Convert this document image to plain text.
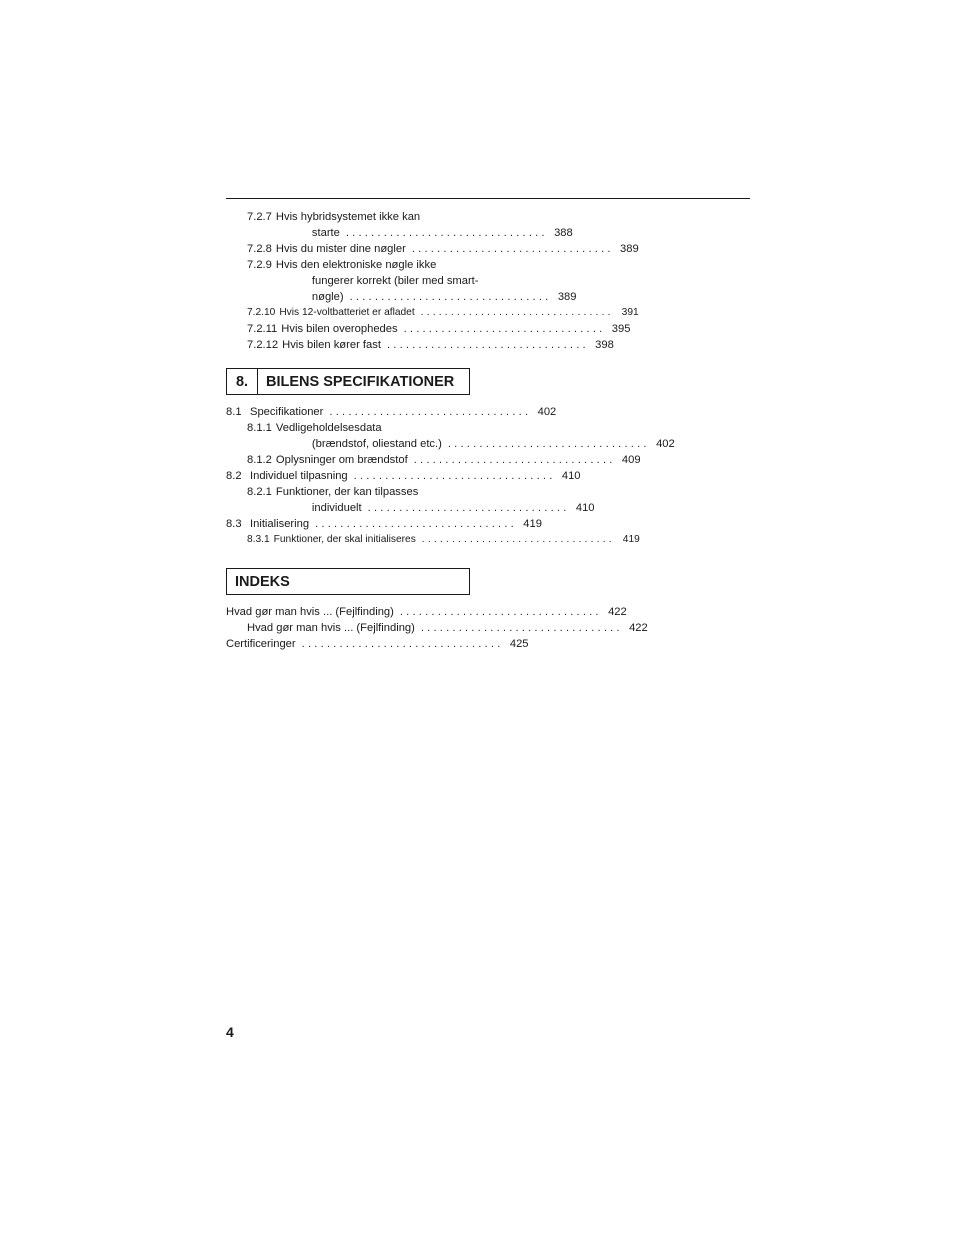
7.2.7 Hvis hybridsystemet ikke kan
starte ................................ 388
7.2.8 Hvis du mister dine nøgler ................................ 389
7.2.9 Hvis den elektroniske nøgle ikke
fungerer korrekt (biler med smart-
nøgle) ................................ 389
7.2.10 Hvis 12-voltbatteriet er afladet ................................ 391
7.2.11 Hvis bilen overophedes ................................ 395
7.2.12 Hvis bilen kører fast ................................ 398
8.	BILENS SPECIFIKATIONER
8.1 Specifikationer ................................ 402
8.1.1 Vedligeholdelsesdata
(brændstof, oliestand etc.) ................................ 402
8.1.2 Oplysninger om brændstof ................................ 409
8.2 Individuel tilpasning ................................ 410
8.2.1 Funktioner, der kan tilpasses
individuelt ................................ 410
8.3 Initialisering ................................ 419
8.3.1 Funktioner, der skal initialiseres ................................ 419
INDEKS
Hvad gør man hvis ... (Fejlfinding) ................................ 422
Hvad gør man hvis ... (Fejlfinding) ................................ 422
Certificeringer ................................ 425
4
